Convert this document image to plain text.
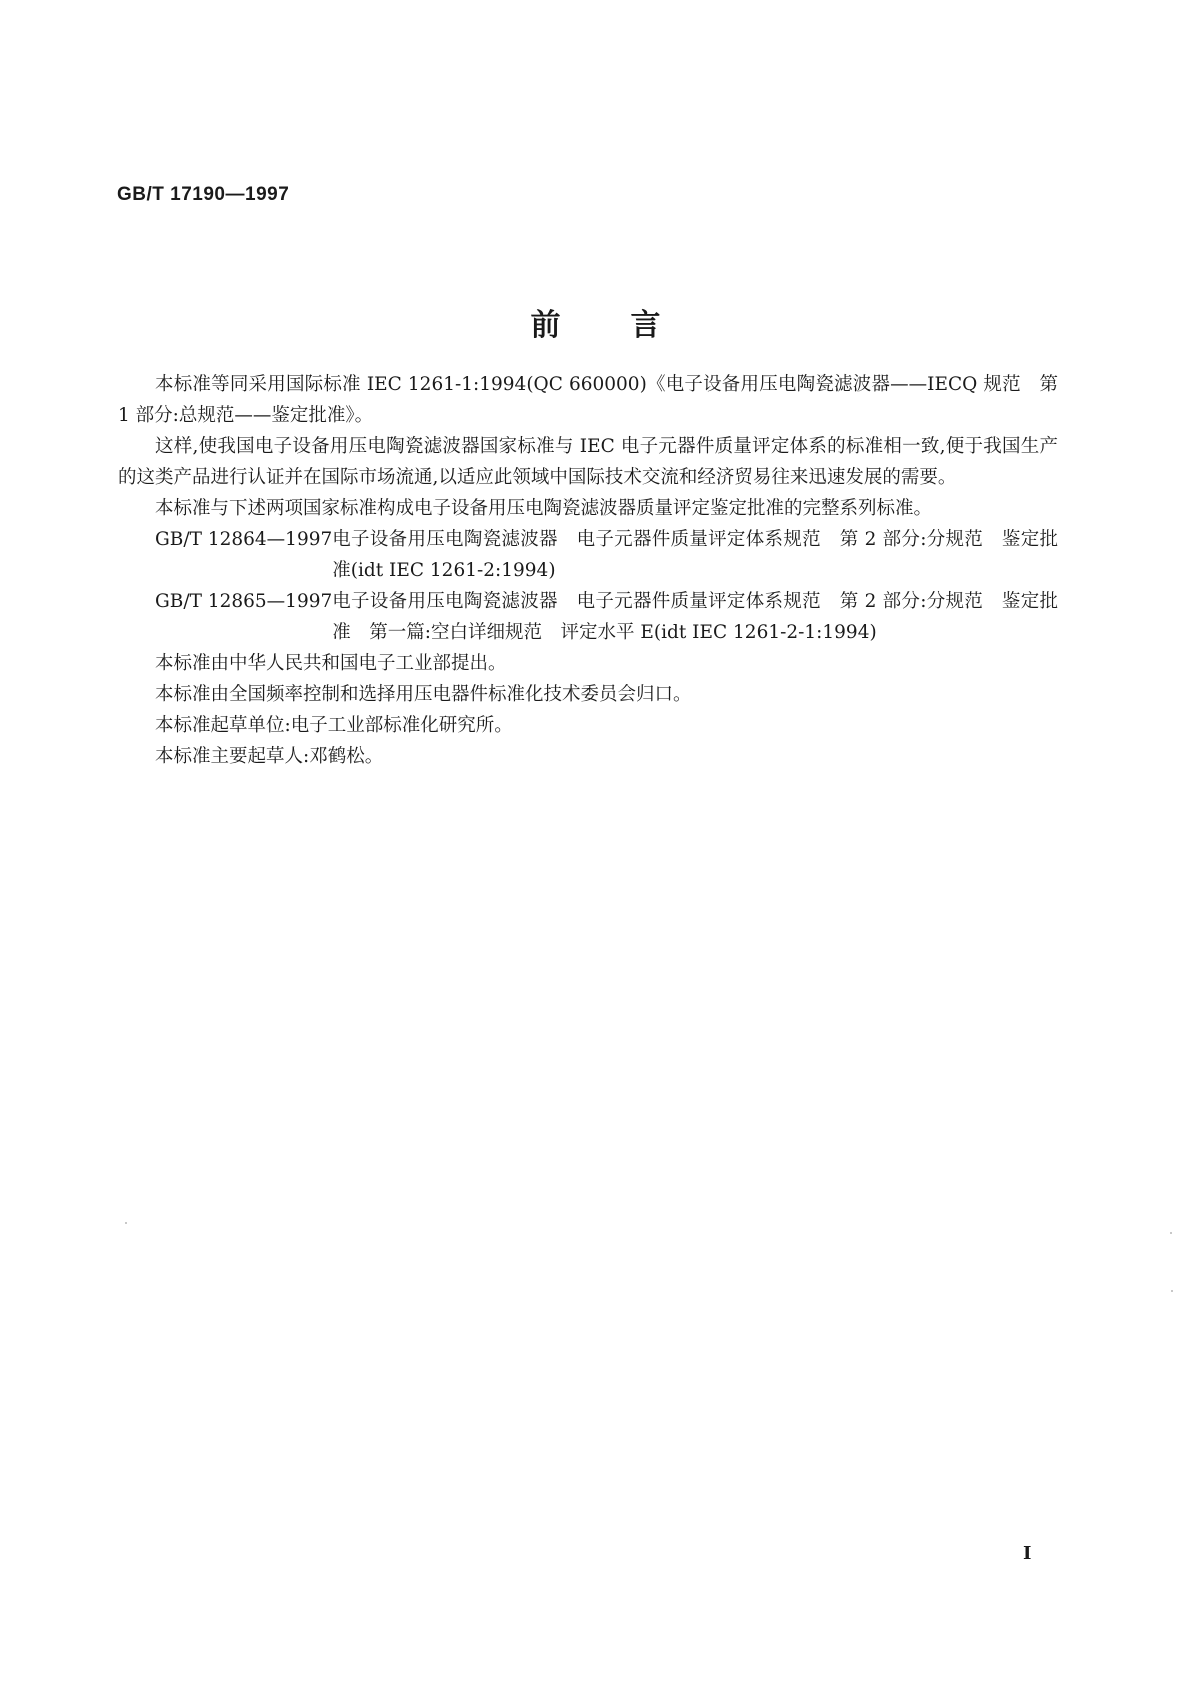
GB/T 17190—1997
前言

本标准等同采用国际标准 IEC 1261-1:1994(QC 660000)《电子设备用压电陶瓷滤波器——IECQ 规范　第 1 部分:总规范——鉴定批准》。

这样,使我国电子设备用压电陶瓷滤波器国家标准与 IEC 电子元器件质量评定体系的标准相一致,便于我国生产的这类产品进行认证并在国际市场流通,以适应此领域中国际技术交流和经济贸易往来迅速发展的需要。

本标准与下述两项国家标准构成电子设备用压电陶瓷滤波器质量评定鉴定批准的完整系列标准。

GB/T 12864—1997 电子设备用压电陶瓷滤波器　电子元器件质量评定体系规范　第 2 部分:分规范　鉴定批准(idt IEC 1261-2:1994)
GB/T 12865—1997 电子设备用压电陶瓷滤波器　电子元器件质量评定体系规范　第 2 部分:分规范　鉴定批准　第一篇:空白详细规范　评定水平 E(idt IEC 1261-2-1:1994)

本标准由中华人民共和国电子工业部提出。

本标准由全国频率控制和选择用压电器件标准化技术委员会归口。

本标准起草单位:电子工业部标准化研究所。

本标准主要起草人:邓鹤松。

Ⅰ
